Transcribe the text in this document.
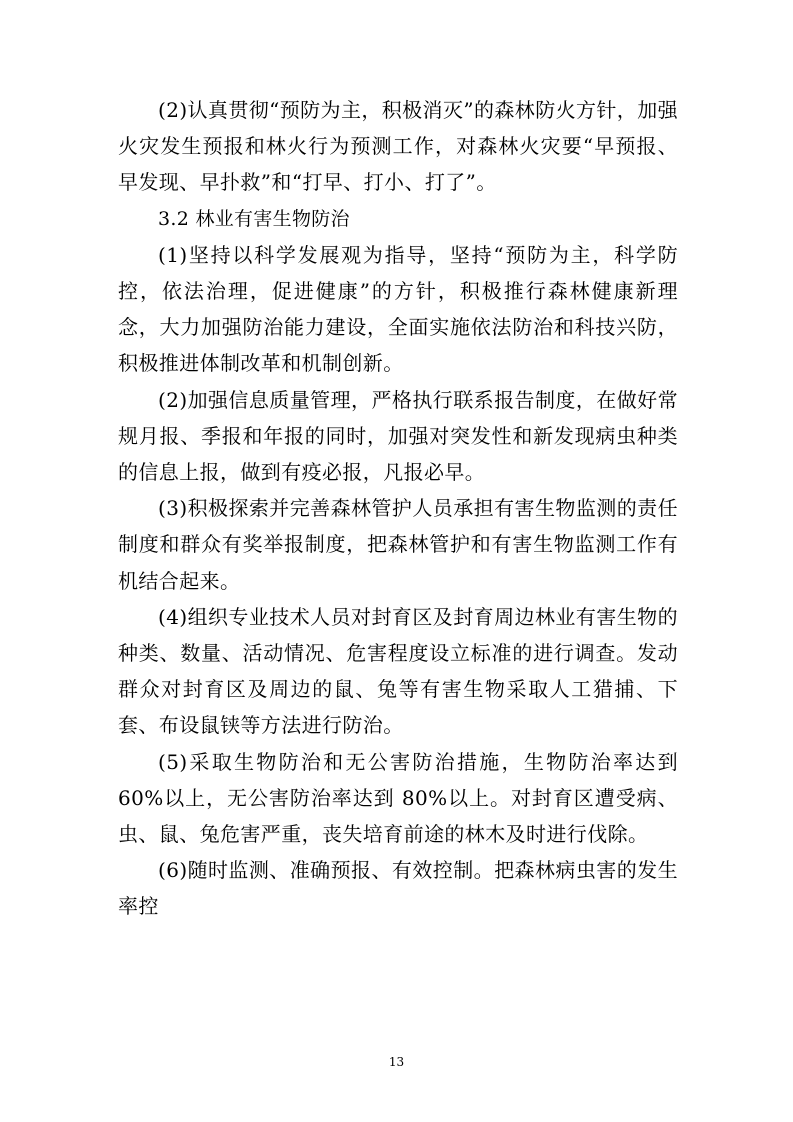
(2)认真贯彻“预防为主，积极消灭”的森林防火方针，加强火灾发生预报和林火行为预测工作，对森林火灾要“早预报、早发现、早扑救”和“打早、打小、打了”。

3.2 林业有害生物防治

(1)坚持以科学发展观为指导，坚持“预防为主，科学防控，依法治理，促进健康”的方针，积极推行森林健康新理念，大力加强防治能力建设，全面实施依法防治和科技兴防，积极推进体制改革和机制创新。

(2)加强信息质量管理，严格执行联系报告制度，在做好常规月报、季报和年报的同时，加强对突发性和新发现病虫种类的信息上报，做到有疫必报，凡报必早。

(3)积极探索并完善森林管护人员承担有害生物监测的责任制度和群众有奖举报制度，把森林管护和有害生物监测工作有机结合起来。

(4)组织专业技术人员对封育区及封育周边林业有害生物的种类、数量、活动情况、危害程度设立标准的进行调查。发动群众对封育区及周边的鼠、兔等有害生物采取人工猎捕、下套、布设鼠铗等方法进行防治。

(5)采取生物防治和无公害防治措施，生物防治率达到 60%以上，无公害防治率达到 80%以上。对封育区遭受病、虫、鼠、兔危害严重，丧失培育前途的林木及时进行伐除。

(6)随时监测、准确预报、有效控制。把森林病虫害的发生率控

13
